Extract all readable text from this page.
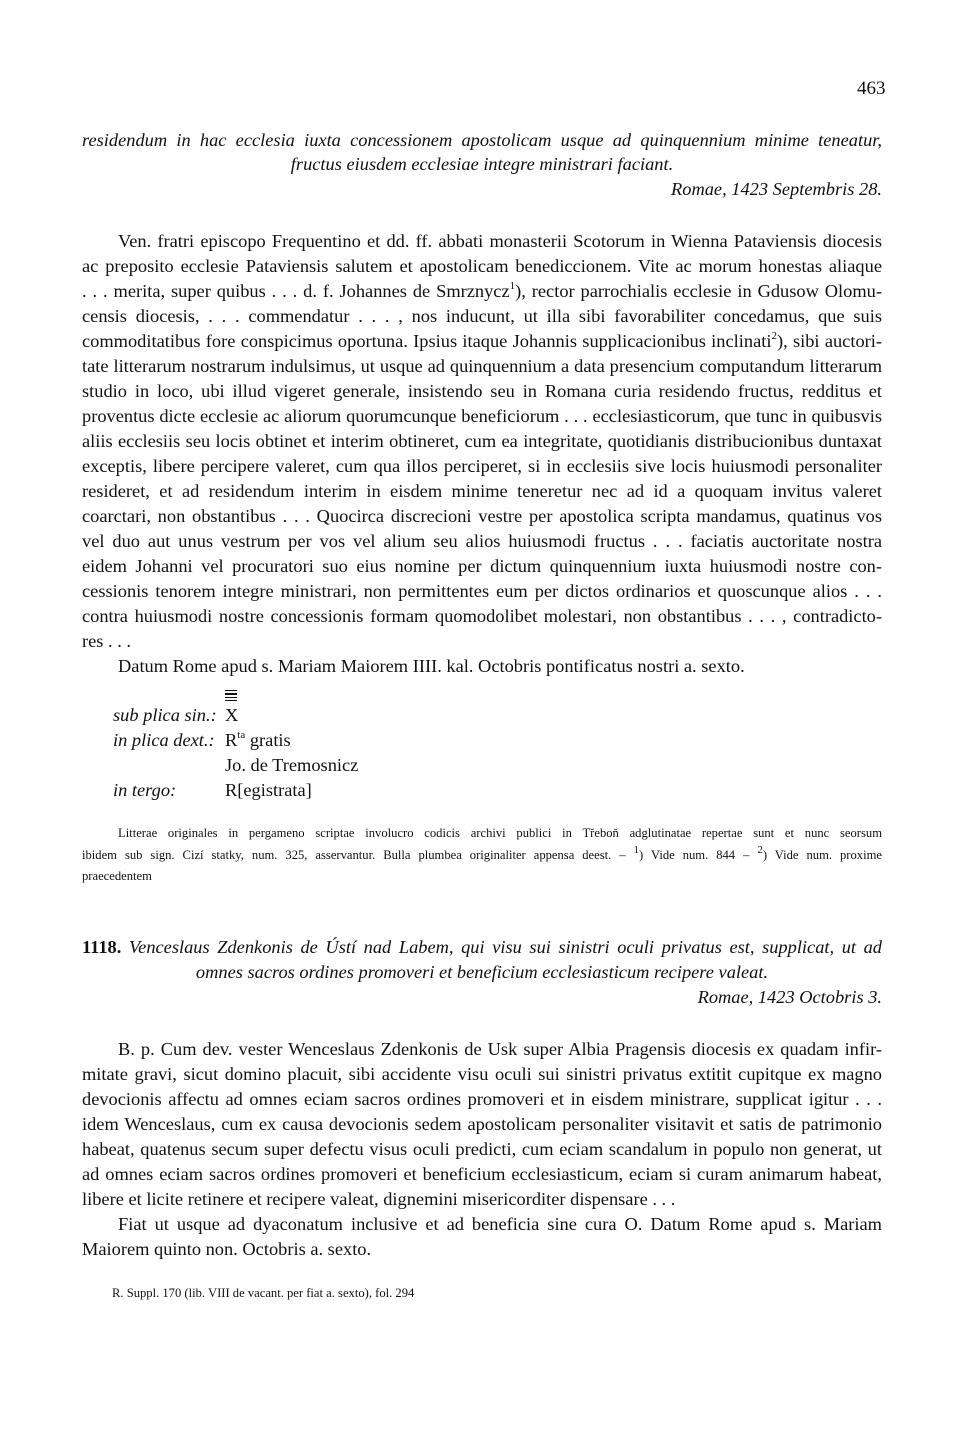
463
residendum in hac ecclesia iuxta concessionem apostolicam usque ad quinquennium minime teneatur,
fructus eiusdem ecclesiae integre ministrari faciant.
Romae, 1423 Septembris 28.
Ven. fratri episcopo Frequentino et dd. ff. abbati monasterii Scotorum in Wienna Pataviensis diocesis
ac preposito ecclesie Pataviensis salutem et apostolicam benediccionem. Vite ac morum honestas aliaque
. . . merita, super quibus . . . d. f. Johannes de Smrznycz$^1$), rector parrochialis ecclesie in Gdusow Olomu-
censis diocesis, . . . commendatur . . . , nos inducunt, ut illa sibi favorabiliter concedamus, que suis
commoditatibus fore conspicimus oportuna. Ipsius itaque Johannis supplicacionibus inclinati$^2$), sibi auctori-
tate litterarum nostrarum indulsimus, ut usque ad quinquennium a data presencium computandum litterarum
studio in loco, ubi illud vigeret generale, insistendo seu in Romana curia residendo fructus, redditus et
proventus dicte ecclesie ac aliorum quorumcunque beneficiorum . . . ecclesiasticorum, que tunc in quibusvis
aliis ecclesiis seu locis obtinet et interim obtineret, cum ea integritate, quotidianis distribucionibus duntaxat
exceptis, libere percipere valeret, cum qua illos perciperet, si in ecclesiis sive locis huiusmodi personaliter
resideret, et ad residendum interim in eisdem minime teneretur nec ad id a quoquam invitus valeret
coarctari, non obstantibus . . . Quocirca discrecioni vestre per apostolica scripta mandamus, quatinus vos
vel duo aut unus vestrum per vos vel alium seu alios huiusmodi fructus . . . faciatis auctoritate nostra
eidem Johanni vel procuratori suo eius nomine per dictum quinquennium iuxta huiusmodi nostre con-
cessionis tenorem integre ministrari, non permittentes eum per dictos ordinarios et quoscunque alios . . .
contra huiusmodi nostre concessionis formam quomodolibet molestari, non obstantibus . . . , contradicto-
res . . .
Datum Rome apud s. Mariam Maiorem IIII. kal. Octobris pontificatus nostri a. sexto.
sub plica sin.: X
in plica dext.: $R^{ta}$ gratis
Jo. de Tremosnicz
in tergo:	R[egistrata]
Litterae originales in pergameno scriptae involucro codicis archivi publici in Třeboň adglutinatae repertae sunt et nunc seorsum
ibidem sub sign. Cizí statky, num. 325, asservantur. Bulla plumbea originaliter appensa deest. – $^1$) Vide num. 844 – $^2$) Vide num. proxime
praecedentem
1118. Venceslaus Zdenkonis de Ústí nad Labem, qui visu sui sinistri oculi privatus est, supplicat, ut ad
omnes sacros ordines promoveri et beneficium ecclesiasticum recipere valeat.
Romae, 1423 Octobris 3.
B. p. Cum dev. vester Wenceslaus Zdenkonis de Usk super Albia Pragensis diocesis ex quadam infir-
mitate gravi, sicut domino placuit, sibi accidente visu oculi sui sinistri privatus extitit cupitque ex magno
devocionis affectu ad omnes eciam sacros ordines promoveri et in eisdem ministrare, supplicat igitur . . .
idem Wenceslaus, cum ex causa devocionis sedem apostolicam personaliter visitavit et satis de patrimonio
habeat, quatenus secum super defectu visus oculi predicti, cum eciam scandalum in populo non generat, ut
ad omnes eciam sacros ordines promoveri et beneficium ecclesiasticum, eciam si curam animarum habeat,
libere et licite retinere et recipere valeat, dignemini misericorditer dispensare . . .
Fiat ut usque ad dyaconatum inclusive et ad beneficia sine cura O. Datum Rome apud s. Mariam
Maiorem quinto non. Octobris a. sexto.
R. Suppl. 170 (lib. VIII de vacant. per fiat a. sexto), fol. 294
